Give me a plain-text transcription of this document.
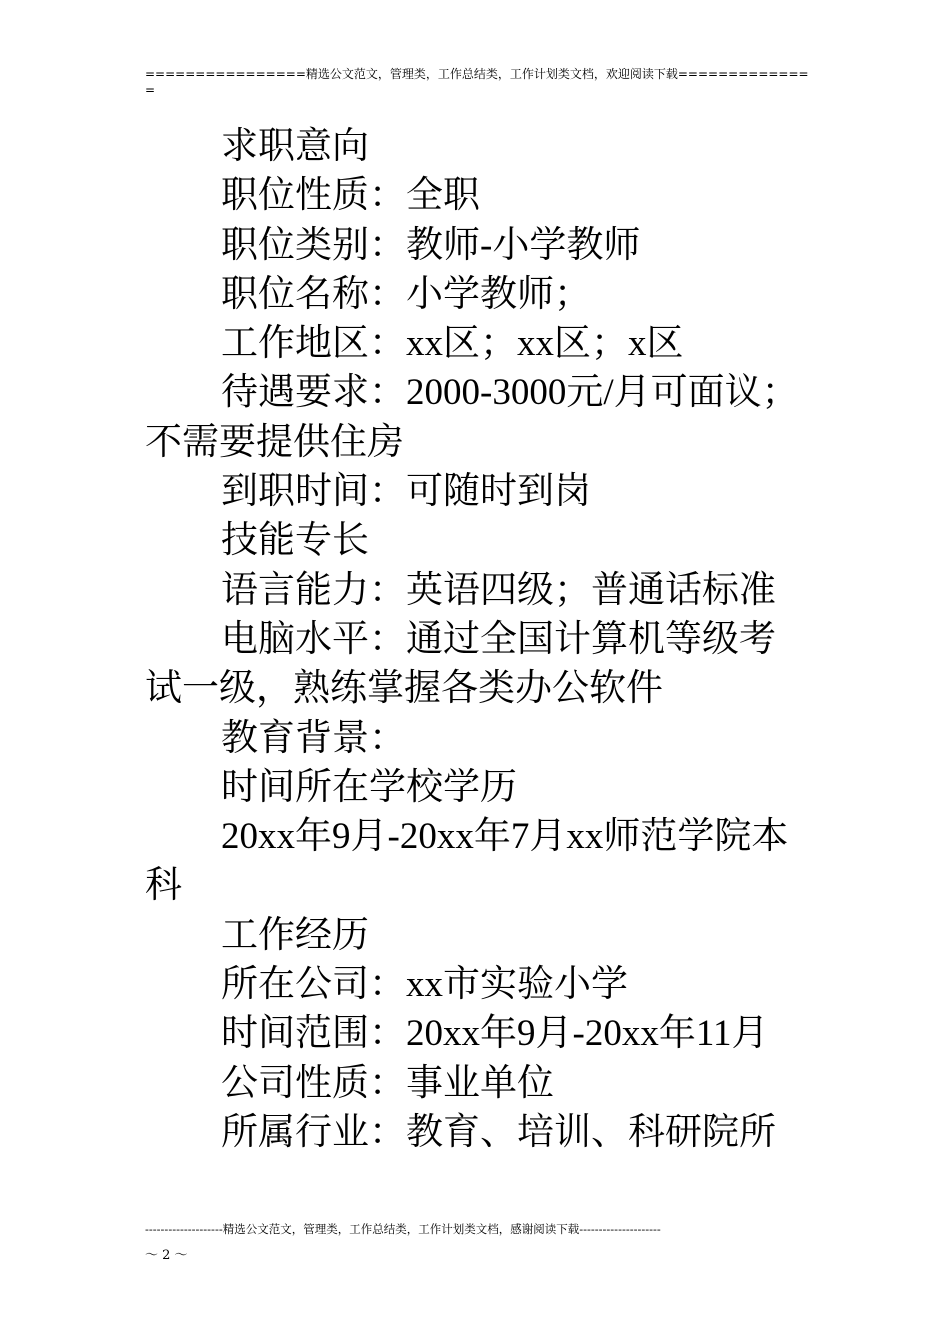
================精选公文范文，管理类，工作总结类，工作计划类文档，欢迎阅读下载=============
=

求职意向

职位性质：全职

职位类别：教师-小学教师

职位名称：小学教师；

工作地区：xx区；xx区；x区

待遇要求：2000-3000元/月可面议；不需要提供住房

到职时间：可随时到岗

技能专长

语言能力：英语四级；普通话标准

电脑水平：通过全国计算机等级考试一级，熟练掌握各类办公软件

教育背景：

时间所在学校学历

20xx年9月-20xx年7月xx师范学院本科

工作经历

所在公司：xx市实验小学

时间范围：20xx年9月-20xx年11月

公司性质：事业单位

所属行业：教育、培训、科研院所

--------------------精选公文范文，管理类，工作总结类，工作计划类文档，感谢阅读下载---------------------
～ 2 ～
